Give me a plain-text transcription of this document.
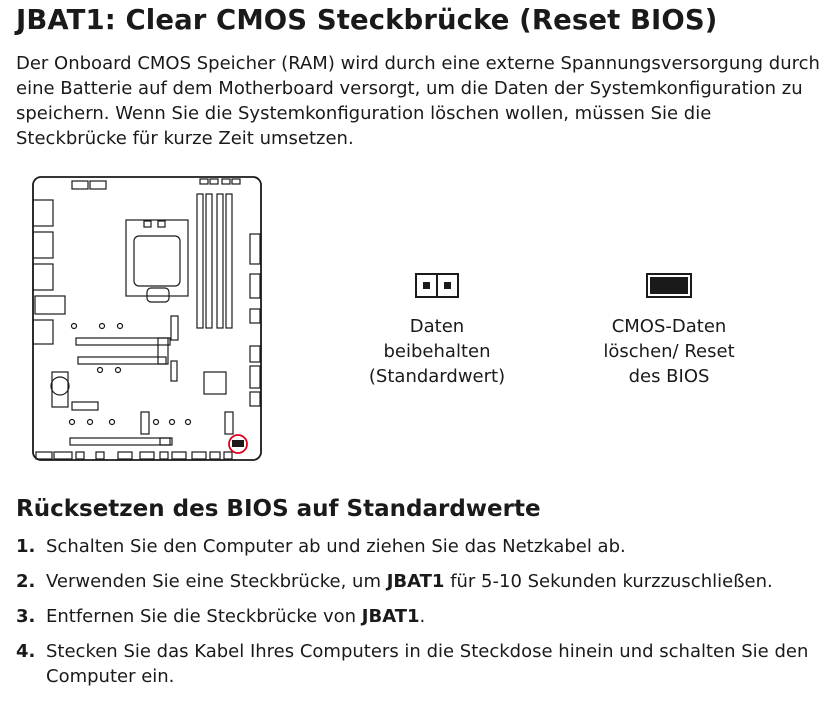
JBAT1: Clear CMOS Steckbrücke (Reset BIOS)

Der Onboard CMOS Speicher (RAM) wird durch eine externe Spannungsversorgung durch eine Batterie auf dem Motherboard versorgt, um die Daten der Systemkonfiguration zu speichern. Wenn Sie die Systemkonfiguration löschen wollen, müssen Sie die Steckbrücke für kurze Zeit umsetzen.

Daten
beibehalten
(Standardwert)
CMOS-Daten
löschen/ Reset
des BIOS
Rücksetzen des BIOS auf Standardwerte
1. Schalten Sie den Computer ab und ziehen Sie das Netzkabel ab.
2. Verwenden Sie eine Steckbrücke, um JBAT1 für 5-10 Sekunden kurzzuschließen.
3. Entfernen Sie die Steckbrücke von JBAT1.
4. Stecken Sie das Kabel Ihres Computers in die Steckdose hinein und schalten Sie den Computer ein.
